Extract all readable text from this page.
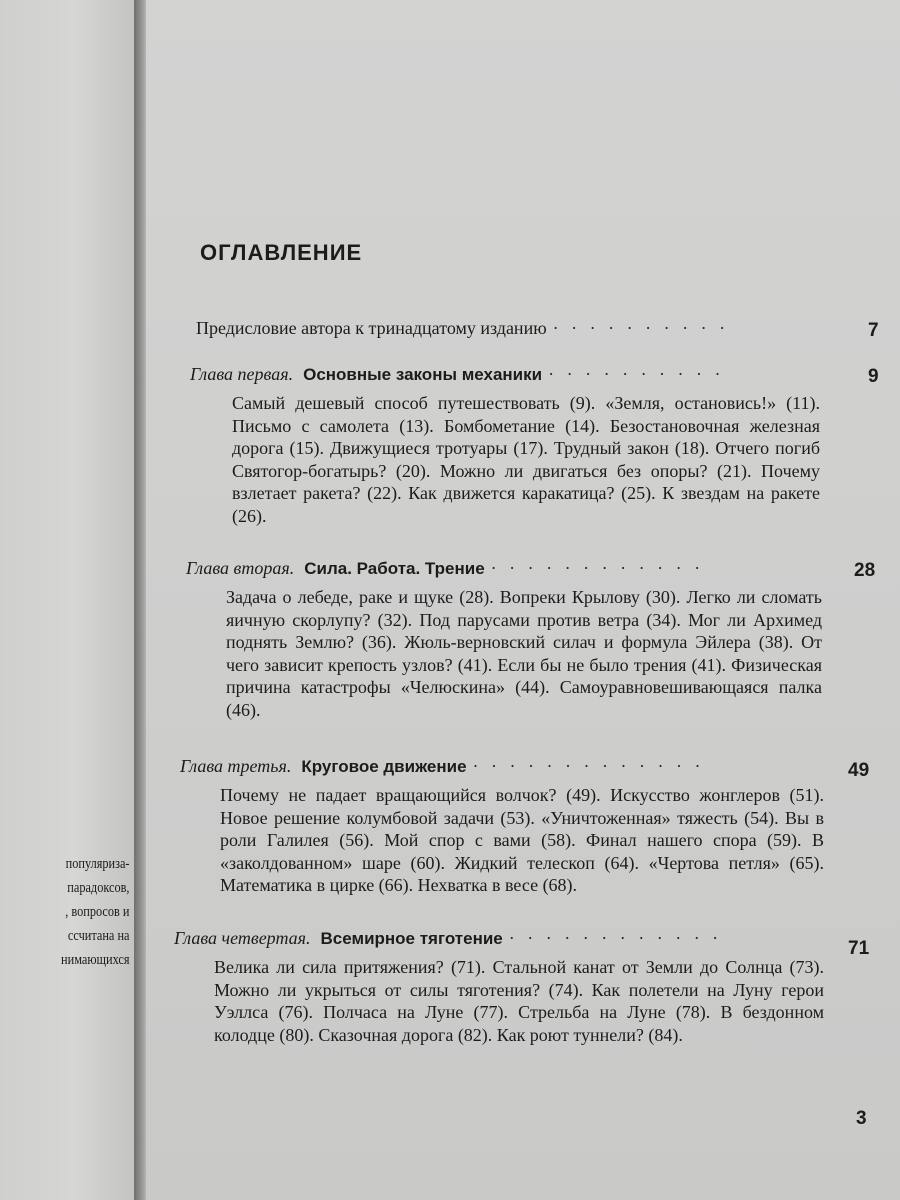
популяриза-
парадоксов,
, вопросов и
ссчитана на
нимающихся
ОГЛАВЛЕНИЕ
Предисловие автора к тринадцатому изданию · · · · · · · · · ·	7
Глава первая. Основные законы механики · · · · · · · · · ·	9

Самый дешевый способ путешествовать (9). «Земля, остановись!» (11). Письмо с самолета (13). Бомбометание (14). Безостановочная железная дорога (15). Движущиеся тротуары (17). Трудный закон (18). Отчего погиб Святогор-богатырь? (20). Можно ли двигаться без опоры? (21). Почему взлетает ракета? (22). Как движется каракатица? (25). К звездам на ракете (26).

Глава вторая. Сила. Работа. Трение · · · · · · · · · · · ·	28

Задача о лебеде, раке и щуке (28). Вопреки Крылову (30). Легко ли сломать яичную скорлупу? (32). Под парусами против ветра (34). Мог ли Архимед поднять Землю? (36). Жюль-верновский силач и формула Эйлера (38). От чего зависит крепость узлов? (41). Если бы не было трения (41). Физическая причина катастрофы «Челюскина» (44). Самоуравновешивающаяся палка (46).

Глава третья. Круговое движение · · · · · · · · · · · · ·	49

Почему не падает вращающийся волчок? (49). Искусство жонглеров (51). Новое решение колумбовой задачи (53). «Уничтоженная» тяжесть (54). Вы в роли Галилея (56). Мой спор с вами (58). Финал нашего спора (59). В «заколдованном» шаре (60). Жидкий телескоп (64). «Чертова петля» (65). Математика в цирке (66). Нехватка в весе (68).

Глава четвертая. Всемирное тяготение · · · · · · · · · · · ·	71

Велика ли сила притяжения? (71). Стальной канат от Земли до Солнца (73). Можно ли укрыться от силы тяготения? (74). Как полетели на Луну герои Уэллса (76). Полчаса на Луне (77). Стрельба на Луне (78). В бездонном колодце (80). Сказочная дорога (82). Как роют туннели? (84).

3
